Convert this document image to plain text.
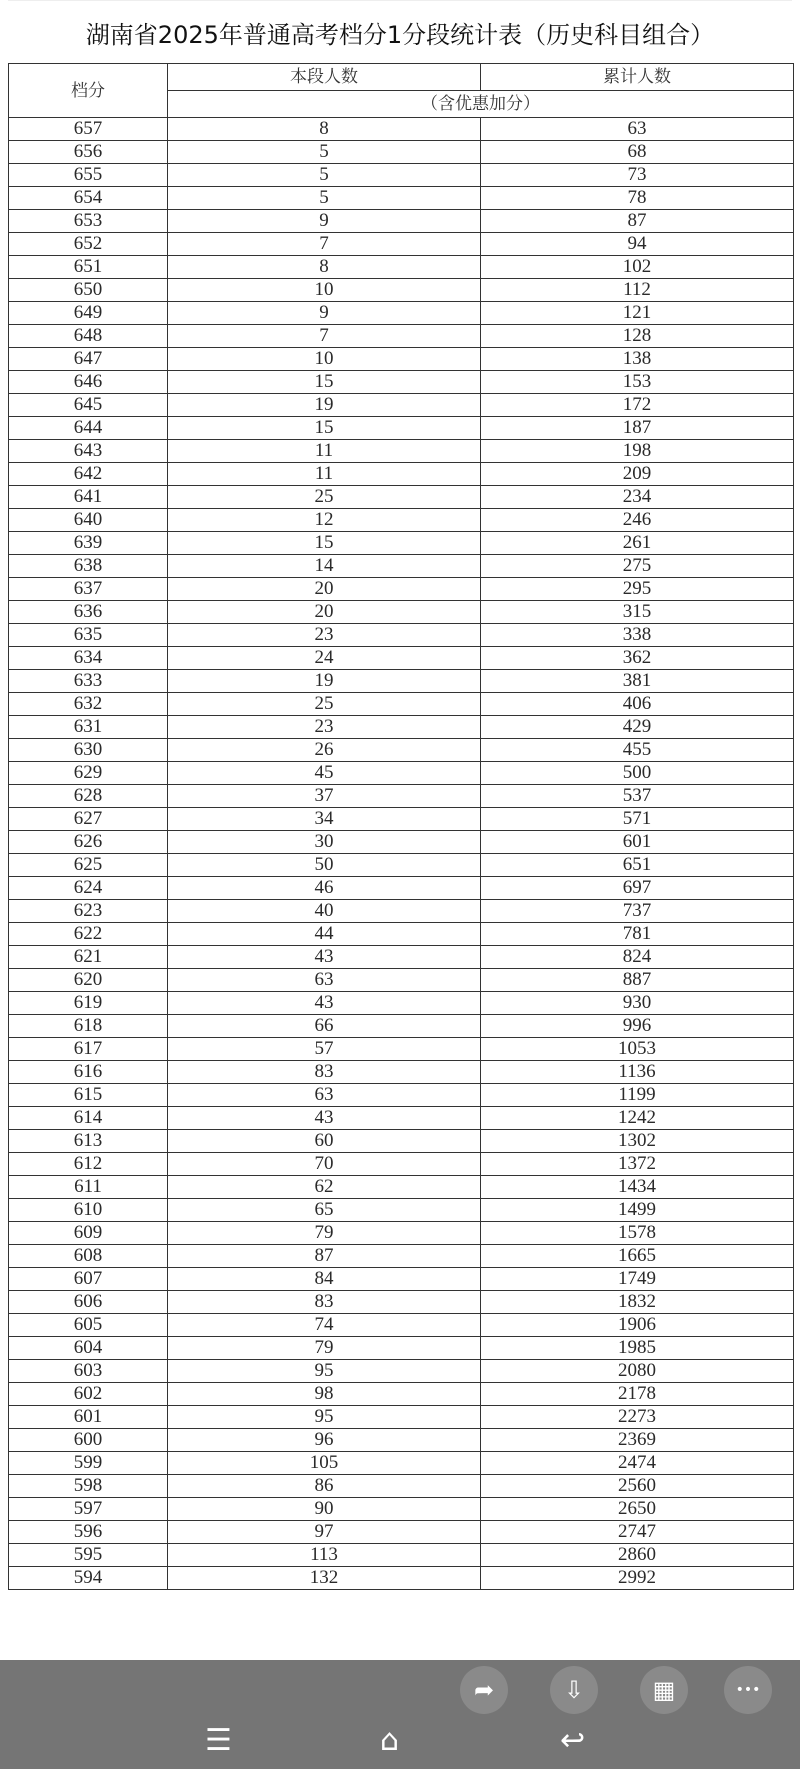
湖南省2025年普通高考档分1分段统计表（历史科目组合）
档分	本段人数	累计人数
	（含优惠加分）	
657	8	63
656	5	68
655	5	73
654	5	78
653	9	87
652	7	94
651	8	102
650	10	112
649	9	121
648	7	128
647	10	138
646	15	153
645	19	172
644	15	187
643	11	198
642	11	209
641	25	234
640	12	246
639	15	261
638	14	275
637	20	295
636	20	315
635	23	338
634	24	362
633	19	381
632	25	406
631	23	429
630	26	455
629	45	500
628	37	537
627	34	571
626	30	601
625	50	651
624	46	697
623	40	737
622	44	781
621	43	824
620	63	887
619	43	930
618	66	996
617	57	1053
616	83	1136
615	63	1199
614	43	1242
613	60	1302
612	70	1372
611	62	1434
610	65	1499
609	79	1578
608	87	1665
607	84	1749
606	83	1832
605	74	1906
604	79	1985
603	95	2080
602	98	2178
601	95	2273
600	96	2369
599	105	2474
598	86	2560
597	90	2650
596	97	2747
595	113	2860
594	132	2992
➦	⇩	▦	•••
☰	⌂	↩
